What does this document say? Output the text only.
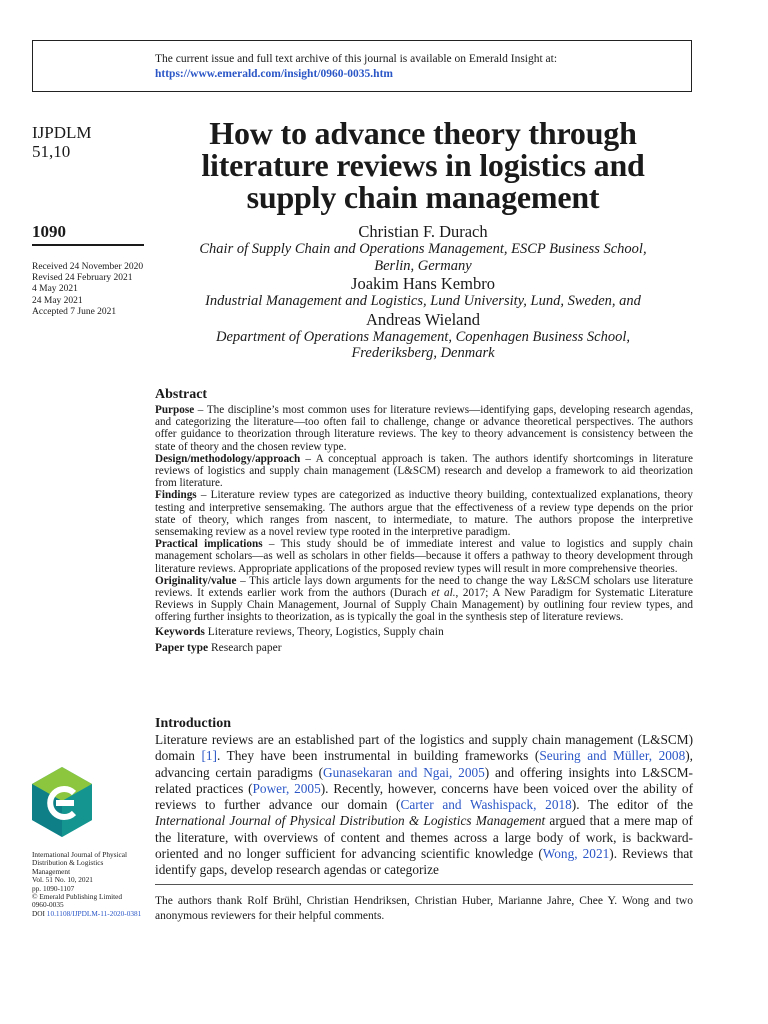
The current issue and full text archive of this journal is available on Emerald Insight at:
https://www.emerald.com/insight/0960-0035.htm
IJPDLM
51,10
1090
Received 24 November 2020
Revised 24 February 2021
4 May 2021
24 May 2021
Accepted 7 June 2021
How to advance theory through
literature reviews in logistics and
supply chain management
Christian F. Durach
Chair of Supply Chain and Operations Management, ESCP Business School,
Berlin, Germany
Joakim Hans Kembro
Industrial Management and Logistics, Lund University, Lund, Sweden, and
Andreas Wieland
Department of Operations Management, Copenhagen Business School,
Frederiksberg, Denmark
Abstract

Purpose – The discipline’s most common uses for literature reviews—identifying gaps, developing research agendas, and categorizing the literature—too often fail to challenge, change or advance theoretical perspectives. The authors offer guidance to theorization through literature reviews. The key to theory advancement is consistency between the state of theory and the chosen review type.

Design/methodology/approach – A conceptual approach is taken. The authors identify shortcomings in literature reviews of logistics and supply chain management (L&SCM) research and develop a framework to aid theorization from literature.

Findings – Literature review types are categorized as inductive theory building, contextualized explanations, theory testing and interpretive sensemaking. The authors argue that the effectiveness of a review type depends on the prior state of theory, which ranges from nascent, to intermediate, to mature. The authors propose the interpretive sensemaking review as a novel review type rooted in the interpretive paradigm.

Practical implications – This study should be of immediate interest and value to logistics and supply chain management scholars—as well as scholars in other fields—because it offers a pathway to theory development through literature reviews. Appropriate applications of the proposed review types will result in more comprehensive theories.

Originality/value – This article lays down arguments for the need to change the way L&SCM scholars use literature reviews. It extends earlier work from the authors (Durach et al., 2017; A New Paradigm for Systematic Literature Reviews in Supply Chain Management, Journal of Supply Chain Management) by outlining four review types, and offering further insights to theorization, as is typically the goal in the synthesis step of literature reviews.

Keywords Literature reviews, Theory, Logistics, Supply chain
Paper type Research paper
Introduction

Literature reviews are an established part of the logistics and supply chain management (L&SCM) domain [1]. They have been instrumental in building frameworks (Seuring and Müller, 2008), advancing certain paradigms (Gunasekaran and Ngai, 2005) and offering insights into L&SCM-related practices (Power, 2005). Recently, however, concerns have been voiced over the ability of reviews to further advance our domain (Carter and Washispack, 2018). The editor of the International Journal of Physical Distribution & Logistics Management argued that a mere map of the literature, with overviews of content and themes across a large body of work, is backward-oriented and no longer sufficient for advancing scientific knowledge (Wong, 2021). Reviews that identify gaps, develop research agendas or categorize

The authors thank Rolf Brühl, Christian Hendriksen, Christian Huber, Marianne Jahre, Chee Y. Wong and two anonymous reviewers for their helpful comments.
International Journal of Physical
Distribution & Logistics
Management
Vol. 51 No. 10, 2021
pp. 1090-1107
© Emerald Publishing Limited
0960-0035
DOI 10.1108/IJPDLM-11-2020-0381
